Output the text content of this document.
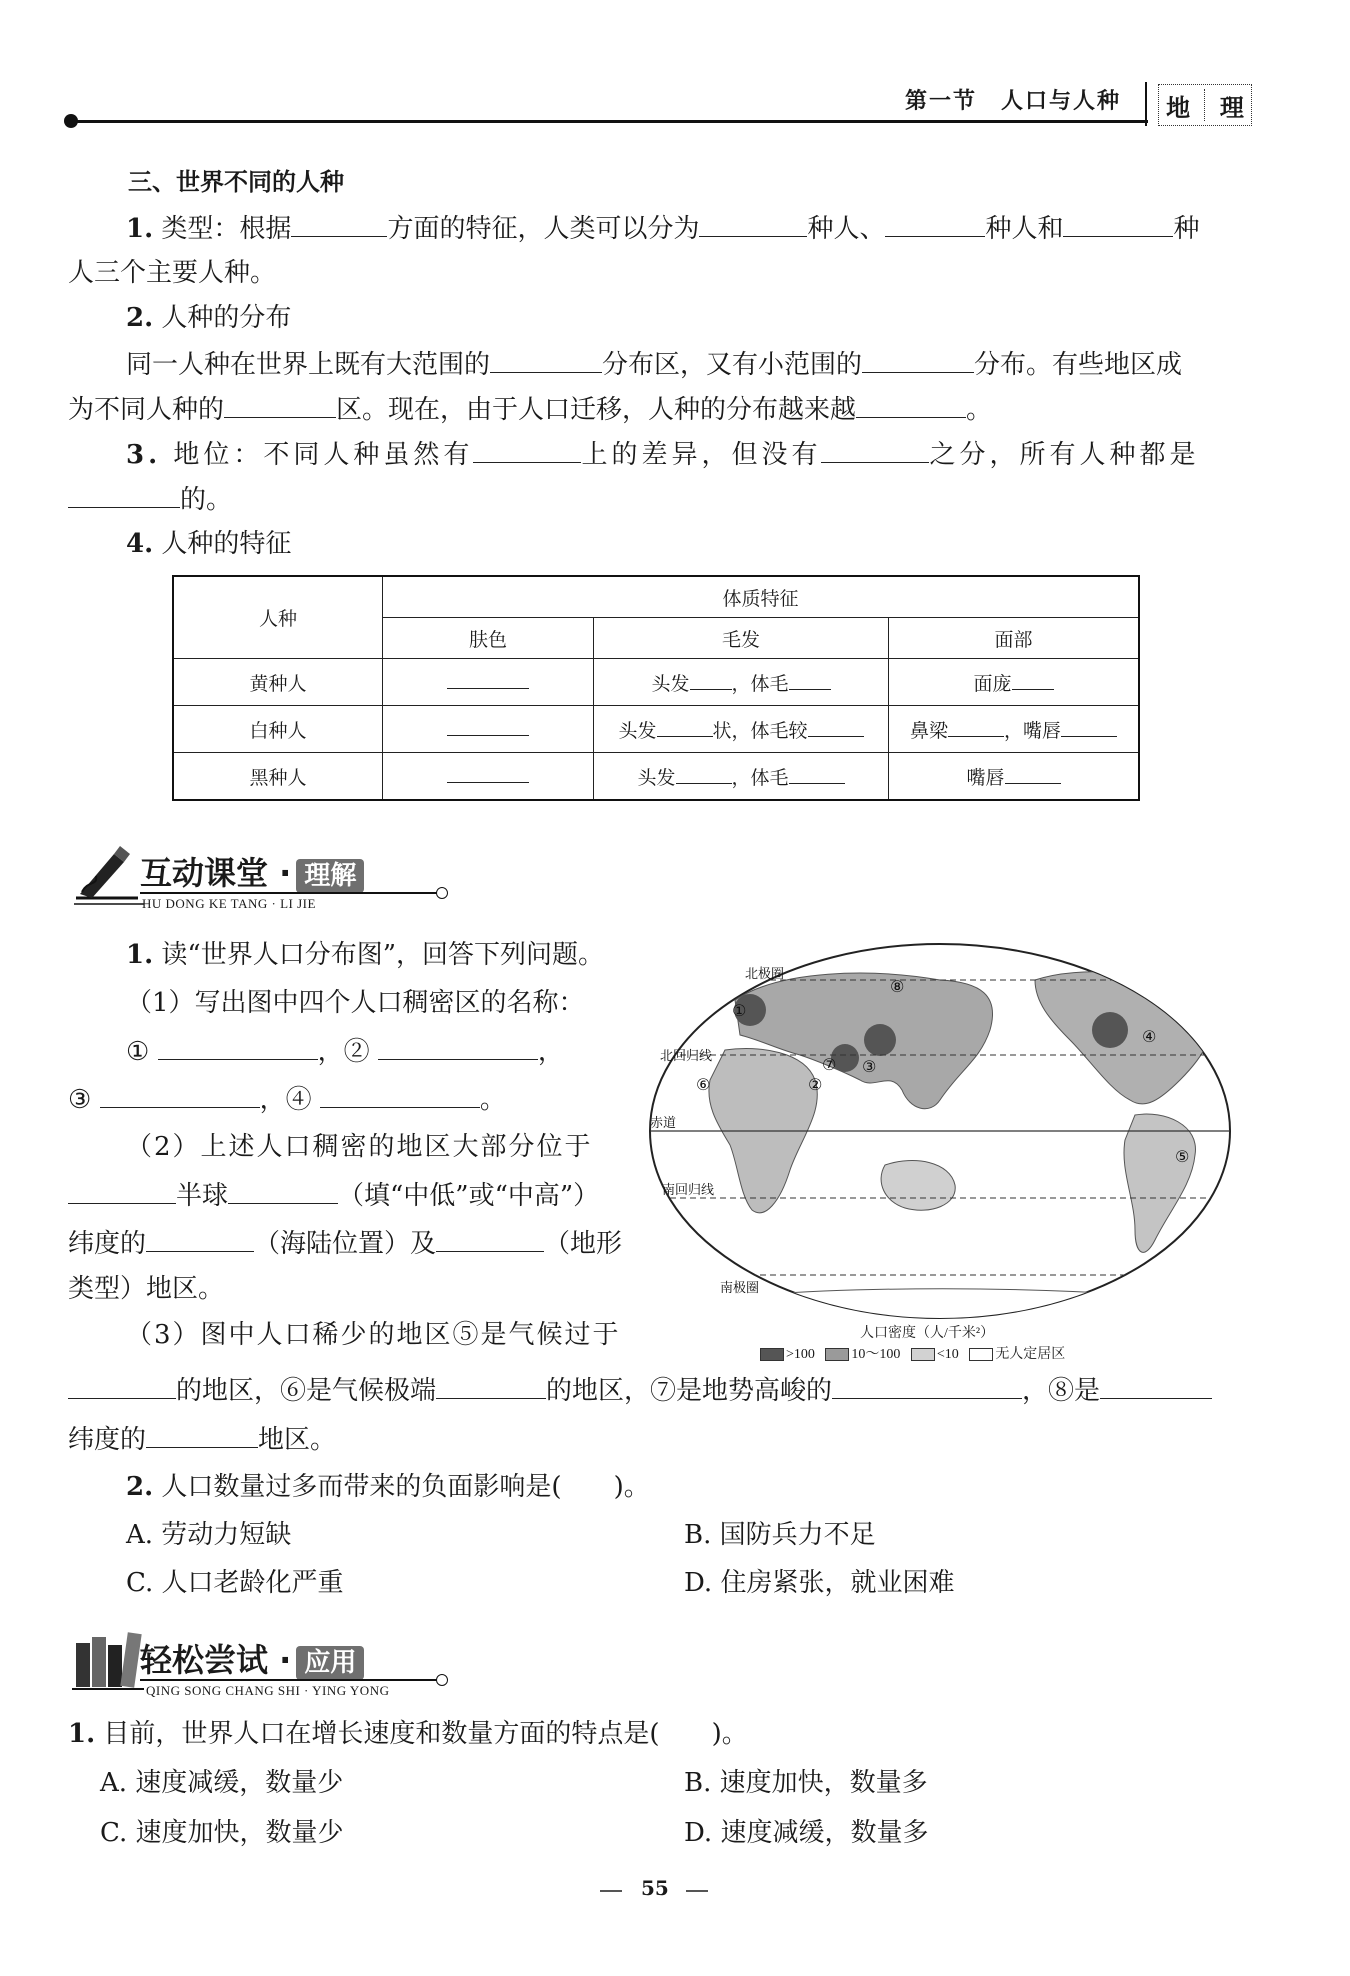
第一节　人口与人种 地 理
三、世界不同的人种
1. 类型：根据	方面的特征，人类可以分为	种人、	种人和	种
人三个主要人种。
2. 人种的分布
同一人种在世界上既有大范围的	分布区，又有小范围的	分布。有些地区成
为不同人种的	区。现在，由于人口迁移，人种的分布越来越	。
3. 地位：不同人种虽然有	上的差异，但没有	之分，所有人种都是
的。
4. 人种的特征
人种	体质特征		
	肤色	毛发	面部
黄种人		头发 ，体毛	面庞
白种人		头发 状，体毛较	鼻梁 ，嘴唇
黑种人		头发 ，体毛	嘴唇
互动课堂 · 理解
HU DONG KE TANG · LI JIE
1. 读“世界人口分布图”，回答下列问题。
（1）写出图中四个人口稠密区的名称：
①	，②	，
③	，④	。
（2）上述人口稠密的地区大部分位于
半球	（填“中低”或“中高”）
纬度的	（海陆位置）及	（地形
类型）地区。
（3）图中人口稀少的地区⑤是气候过于
的地区，⑥是气候极端	的地区，⑦是地势高峻的	，⑧是
纬度的	地区。
2. 人口数量过多而带来的负面影响是(　　)。
A. 劳动力短缺	B. 国防兵力不足
C. 人口老龄化严重	D. 住房紧张，就业困难
北极圈
北回归线
赤道
南回归线
南极圈
①
②
③
④
⑤
⑥
⑦
⑧
人口密度（人/千米²）
>100	10～100	<10	无人定居区
轻松尝试 · 应用
QING SONG CHANG SHI · YING YONG
1. 目前，世界人口在增长速度和数量方面的特点是(　　)。
A. 速度减缓，数量少	B. 速度加快，数量多
C. 速度加快，数量少	D. 速度减缓，数量多
55
